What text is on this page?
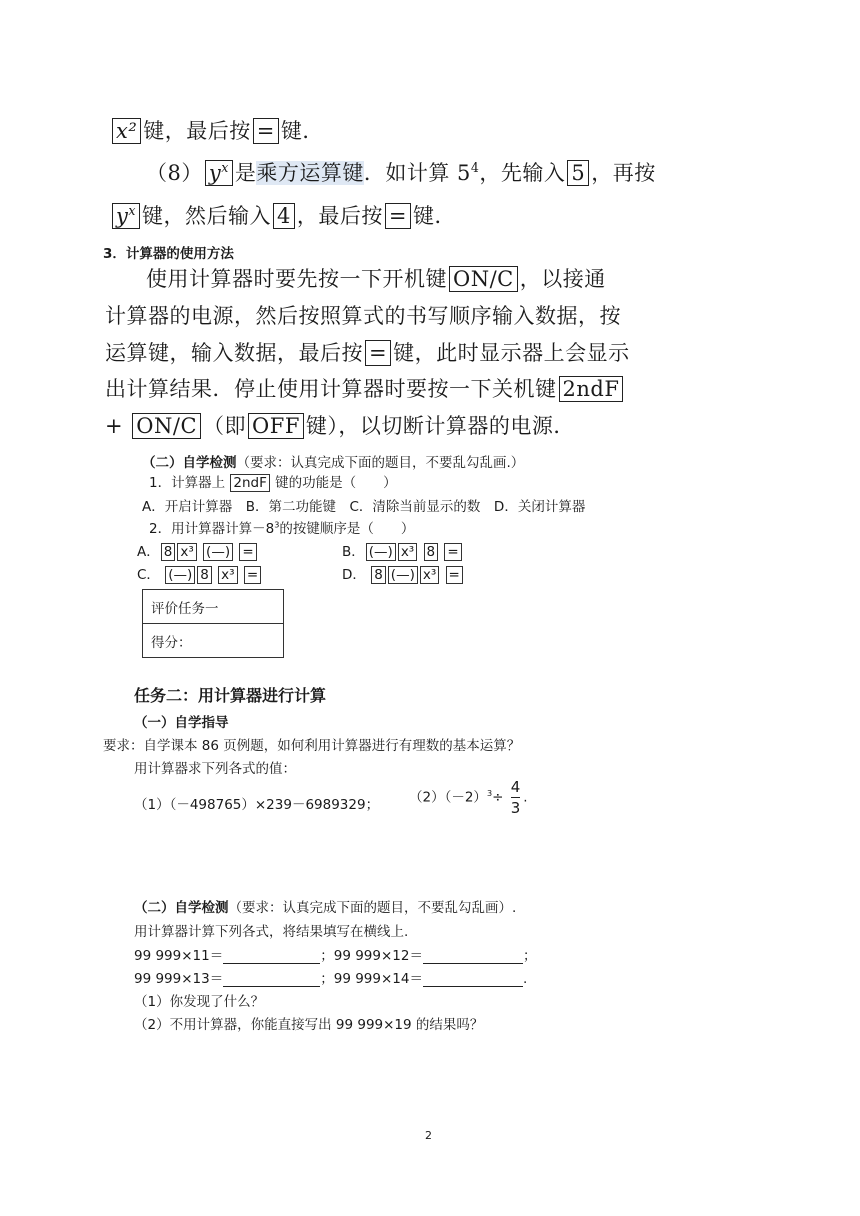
x² 键，最后按 = 键．
（8） $y^x$ 是乘方运算键．如计算 $5^4$，先输入 5 ，再按
$y^x$ 键，然后输入 4 ，最后按 = 键．
3．计算器的使用方法
使用计算器时要先按一下开机键 ON/C ，以接通
计算器的电源，然后按照算式的书写顺序输入数据，按
运算键，输入数据，最后按 = 键，此时显示器上会显示
出计算结果．停止使用计算器时要按一下关机键 2ndF
+ ON/C （即 OFF 键），以切断计算器的电源．
（二）自学检测（要求：认真完成下面的题目，不要乱勾乱画.）
1．计算器上 2ndF 键的功能是（　　）
A．开启计算器　B．第二功能键　C．清除当前显示的数　D．关闭计算器
2．用计算器计算$-8^3$的按键顺序是（　　）
A． 8 x³ (—) =	B． (—) x³ 8 =
C． (—) 8 x³ =	D． 8 (—) x³ =
评价任务一
得分：
任务二：用计算器进行计算
（一）自学指导
要求：自学课本 86 页例题，如何利用计算器进行有理数的基本运算？
用计算器求下列各式的值：
（1）（－498765）×239－6989329； $(2)(-2)^3\div \frac{4}{3}$ .
（二）自学检测（要求：认真完成下面的题目，不要乱勾乱画）.
用计算器计算下列各式，将结果填写在横线上.
99 999×11＝	；99 999×12＝	；
99 999×13＝	；99 999×14＝	.
（1）你发现了什么？
（2）不用计算器，你能直接写出 99 999×19 的结果吗？
2
